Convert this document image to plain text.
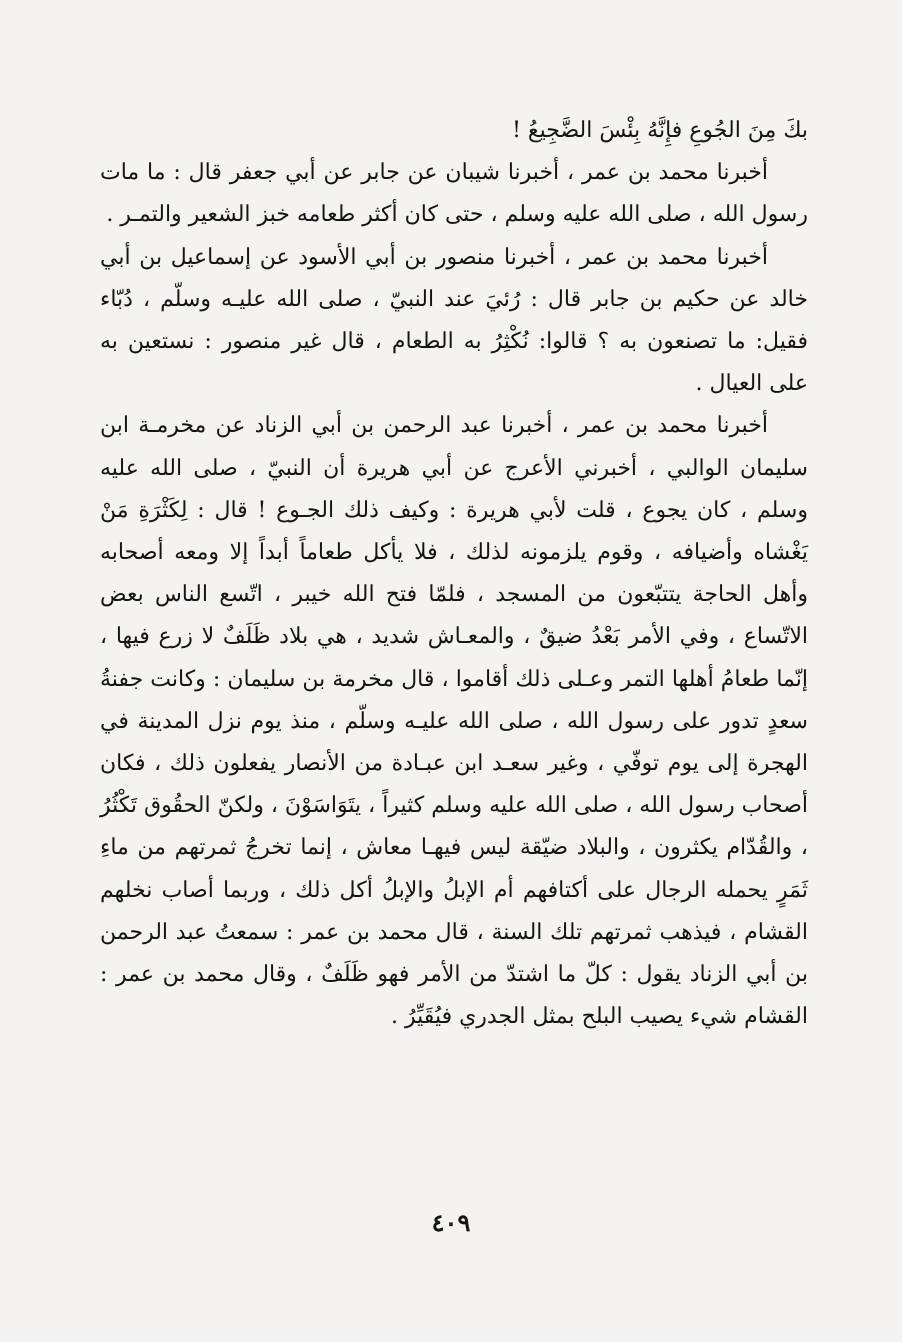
بكَ مِنَ الجُوعِ فإِنَّهُ بِئْسَ الضَّجِيعُ !

أخبرنا محمد بن عمر ، أخبرنا شيبان عن جابر عن أبي جعفر قال : ما مات رسول الله ، صلى الله عليه وسلم ، حتى كان أكثر طعامه خبز الشعير والتمـر .

أخبرنا محمد بن عمر ، أخبرنا منصور بن أبي الأسود عن إسماعيل بن أبي خالد عن حكيم بن جابر قال : رُئيَ عند النبيّ ، صلى الله عليـه وسلّم ، دُبّاء فقيل: ما تصنعون به ؟ قالوا: نُكْثِرُ به الطعام ، قال غير منصور : نستعين به على العيال .

أخبرنا محمد بن عمر ، أخبرنا عبد الرحمن بن أبي الزناد عن مخرمـة ابن سليمان الوالبي ، أخبرني الأعرج عن أبي هريرة أن النبيّ ، صلى الله عليه وسلم ، كان يجوع ، قلت لأبي هريرة : وكيف ذلك الجـوع ! قال : لِكَثْرَةِ مَنْ يَغْشاه وأضيافه ، وقوم يلزمونه لذلك ، فلا يأكل طعاماً أبداً إلا ومعه أصحابه وأهل الحاجة يتتبّعون من المسجد ، فلمّا فتح الله خيبر ، اتّسع الناس بعض الاتّساع ، وفي الأمر بَعْدُ ضيقٌ ، والمعـاش شديد ، هي بلاد ظَلَفٌ لا زرع فيها ، إنّما طعامُ أهلها التمر وعـلى ذلك أقاموا ، قال مخرمة بن سليمان : وكانت جفنةُ سعدٍ تدور على رسول الله ، صلى الله عليـه وسلّم ، منذ يوم نزل المدينة في الهجرة إلى يوم توفّي ، وغير سعـد ابن عبـادة من الأنصار يفعلون ذلك ، فكان أصحاب رسول الله ، صلى الله عليه وسلم كثيراً ، يتَوَاسَوْنَ ، ولكنّ الحقُوق تَكْثُرُ ، والقُدّام يكثرون ، والبلاد ضيّقة ليس فيهـا معاش ، إنما تخرجُ ثمرتهم من ماءِ ثَمَرٍ يحمله الرجال على أكتافهم أم الإبلُ والإبلُ أكل ذلك ، وربما أصاب نخلهم القشام ، فيذهب ثمرتهم تلك السنة ، قال محمد بن عمر : سمعتُ عبد الرحمن بن أبي الزناد يقول : كلّ ما اشتدّ من الأمر فهو ظَلَفٌ ، وقال محمد بن عمر : القشام شيء يصيب البلح بمثل الجدري فيُقَيِّرُ .

٤٠٩
